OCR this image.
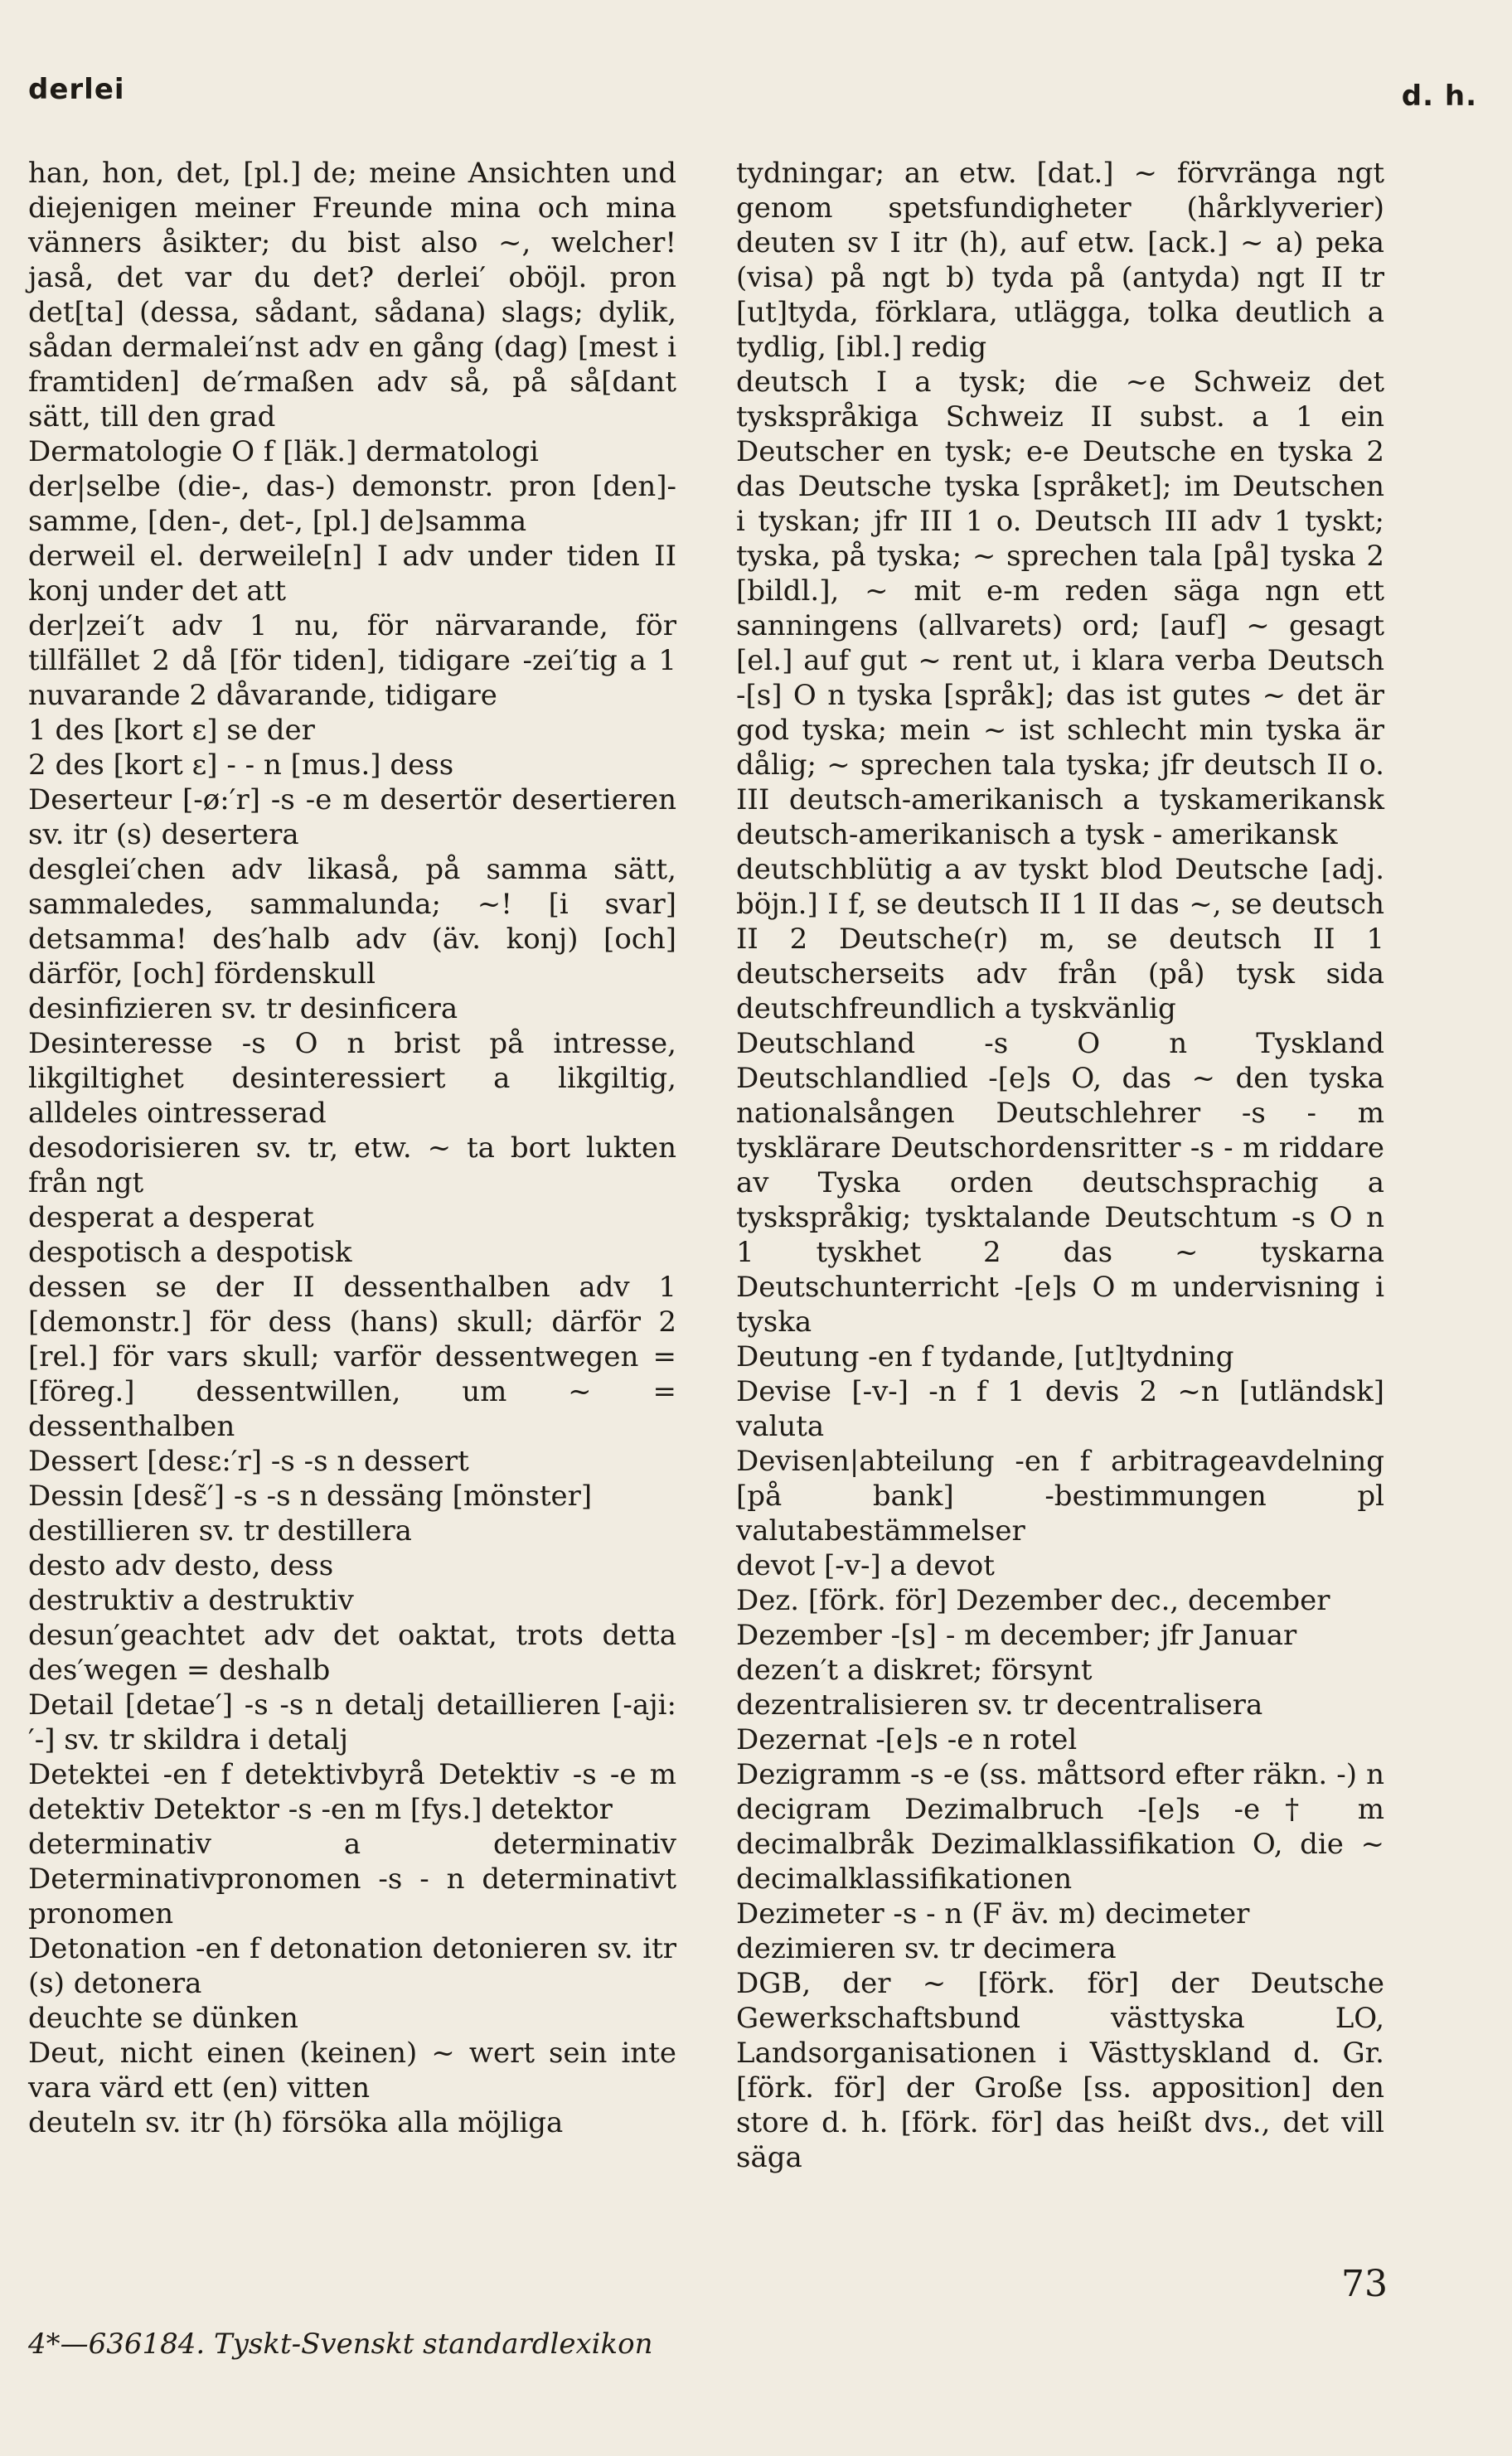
derlei	d. h.

han, hon, det, [pl.] de; meine Ansichten und diejenigen meiner Freunde mina och mina vänners åsikter; du bist also ~, welcher! jaså, det var du det? derlei′ oböjl. pron det[ta] (dessa, sådant, sådana) slags; dylik, sådan dermalei′nst adv en gång (dag) [mest i framtiden] de′rmaßen adv så, på så[dant sätt, till den grad

Dermatologie O f [läk.] dermatologi

der|selbe (die-, das-) demonstr. pron [den]-samme, [den-, det-, [pl.] de]samma

derweil el. derweile[n] I adv under tiden II konj under det att

der|zei′t adv 1 nu, för närvarande, för tillfället 2 då [för tiden], tidigare -zei′tig a 1 nuvarande 2 dåvarande, tidigare

1 des [kort ɛ] se der

2 des [kort ɛ] - - n [mus.] dess

Deserteur [-ø:′r] -s -e m desertör desertieren sv. itr (s) desertera

desglei′chen adv likaså, på samma sätt, sammaledes, sammalunda; ~! [i svar] detsamma! des′halb adv (äv. konj) [och] därför, [och] fördenskull

desinfizieren sv. tr desinficera

Desinteresse -s O n brist på intresse, likgiltighet desinteressiert a likgiltig, alldeles ointresserad

desodorisieren sv. tr, etw. ~ ta bort lukten från ngt

desperat a desperat

despotisch a despotisk

dessen se der II dessenthalben adv 1 [demonstr.] för dess (hans) skull; därför 2 [rel.] för vars skull; varför dessentwegen = [föreg.] dessentwillen, um ~ = dessenthalben

Dessert [desɛ:′r] -s -s n dessert

Dessin [desɛ̃′] -s -s n dessäng [mönster]

destillieren sv. tr destillera

desto adv desto, dess

destruktiv a destruktiv

desun′geachtet adv det oaktat, trots detta des′wegen = deshalb

Detail [detae′] -s -s n detalj detaillieren [-aji:′-] sv. tr skildra i detalj

Detektei -en f detektivbyrå Detektiv -s -e m detektiv Detektor -s -en m [fys.] detektor

determinativ a determinativ Determinativpronomen -s - n determinativt pronomen

Detonation -en f detonation detonieren sv. itr (s) detonera

deuchte se dünken

Deut, nicht einen (keinen) ~ wert sein inte vara värd ett (en) vitten

deuteln sv. itr (h) försöka alla möjliga

tydningar; an etw. [dat.] ~ förvränga ngt genom spetsfundigheter (hårklyverier) deuten sv I itr (h), auf etw. [ack.] ~ a) peka (visa) på ngt b) tyda på (antyda) ngt II tr [ut]tyda, förklara, utlägga, tolka deutlich a tydlig, [ibl.] redig

deutsch I a tysk; die ~e Schweiz det tyskspråkiga Schweiz II subst. a 1 ein Deutscher en tysk; e-e Deutsche en tyska 2 das Deutsche tyska [språket]; im Deutschen i tyskan; jfr III 1 o. Deutsch III adv 1 tyskt; tyska, på tyska; ~ sprechen tala [på] tyska 2 [bildl.], ~ mit e-m reden säga ngn ett sanningens (allvarets) ord; [auf] ~ gesagt [el.] auf gut ~ rent ut, i klara verba Deutsch -[s] O n tyska [språk]; das ist gutes ~ det är god tyska; mein ~ ist schlecht min tyska är dålig; ~ sprechen tala tyska; jfr deutsch II o. III deutsch-amerikanisch a tyskamerikansk deutsch-amerikanisch a tysk - amerikansk

deutschblütig a av tyskt blod Deutsche [adj. böjn.] I f, se deutsch II 1 II das ~, se deutsch II 2 Deutsche(r) m, se deutsch II 1 deutscherseits adv från (på) tysk sida deutschfreundlich a tyskvänlig

Deutschland -s O n Tyskland Deutschlandlied -[e]s O, das ~ den tyska nationalsången Deutschlehrer -s - m tysklärare Deutschordensritter -s - m riddare av Tyska orden deutschsprachig a tyskspråkig; tysktalande Deutschtum -s O n 1 tyskhet 2 das ~ tyskarna Deutschunterricht -[e]s O m undervisning i tyska

Deutung -en f tydande, [ut]tydning

Devise [-v-] -n f 1 devis 2 ~n [utländsk] valuta

Devisen|abteilung -en f arbitrageavdelning [på bank] -bestimmungen pl valutabestämmelser

devot [-v-] a devot

Dez. [förk. för] Dezember dec., december

Dezember -[s] - m december; jfr Januar

dezen′t a diskret; försynt

dezentralisieren sv. tr decentralisera

Dezernat -[e]s -e n rotel

Dezigramm -s -e (ss. måttsord efter räkn. -) n decigram Dezimalbruch -[e]s -e† m decimalbråk Dezimalklassifikation O, die ~ decimalklassifikationen

Dezimeter -s - n (F äv. m) decimeter

dezimieren sv. tr decimera

DGB, der ~ [förk. för] der Deutsche Gewerkschaftsbund västtyska LO, Landsorganisationen i Västtyskland d. Gr. [förk. för] der Große [ss. apposition] den store d. h. [förk. för] das heißt dvs., det vill säga

73
4*—636184. Tyskt-Svenskt standardlexikon
